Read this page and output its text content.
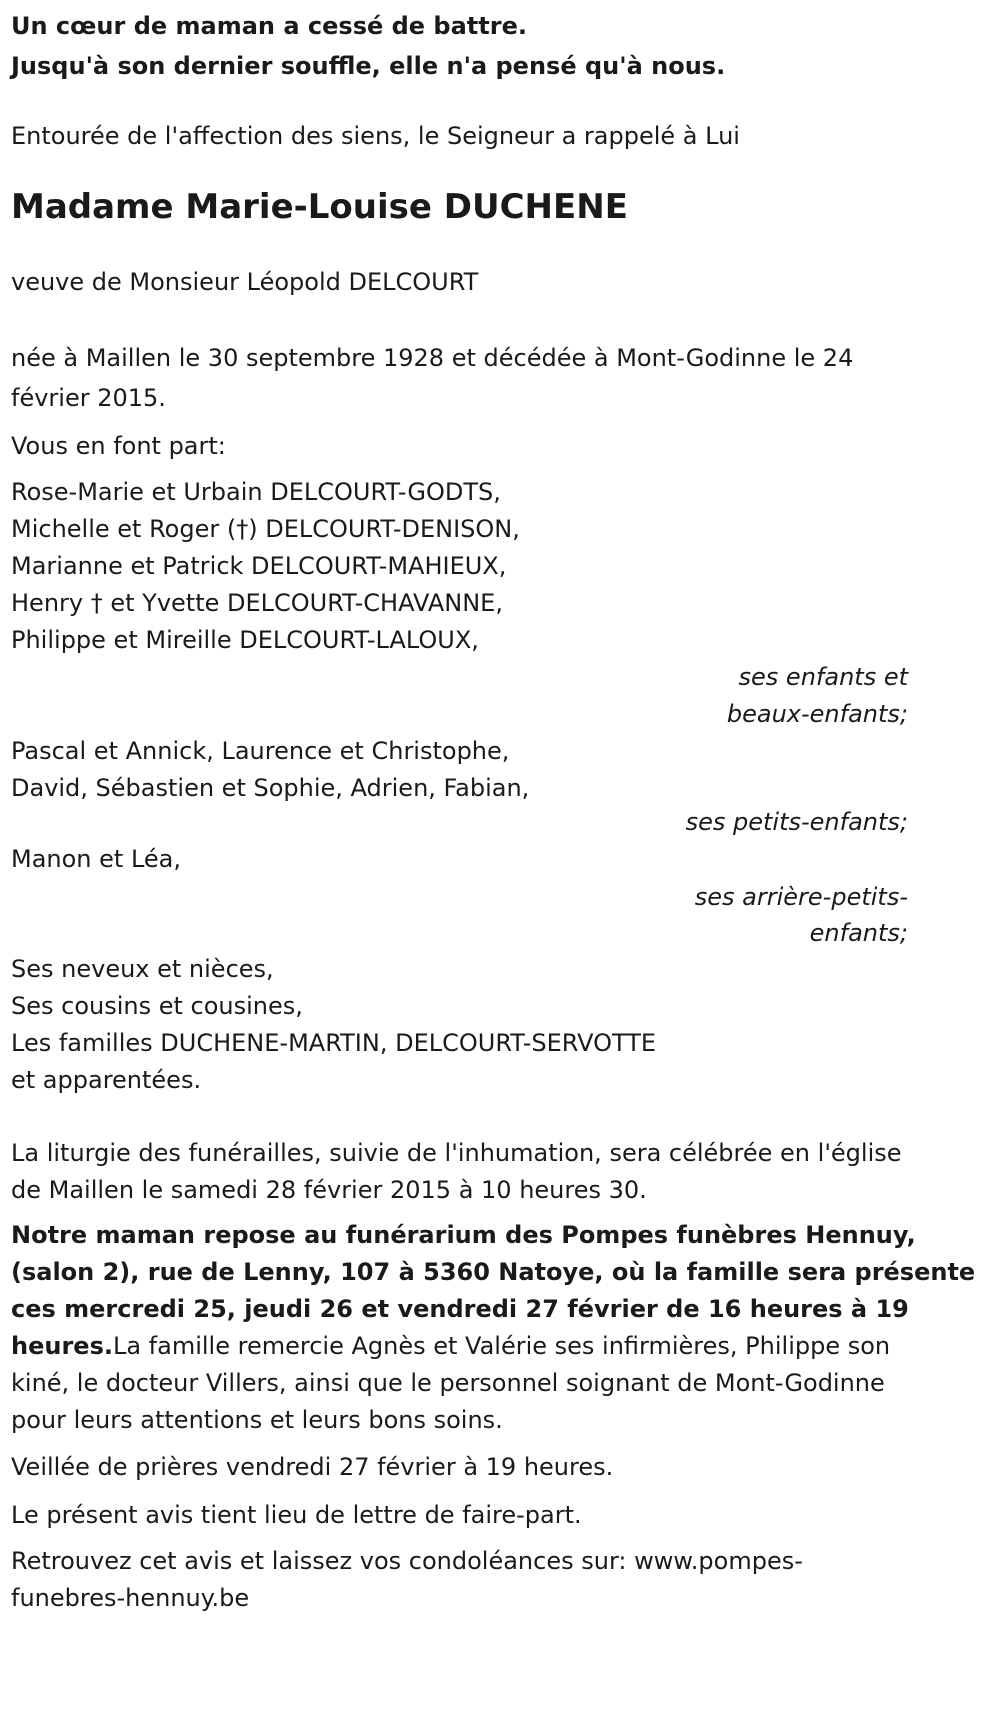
Un cœur de maman a cessé de battre.
Jusqu'à son dernier souffle, elle n'a pensé qu'à nous.
Entourée de l'affection des siens, le Seigneur a rappelé à Lui
Madame Marie-Louise DUCHENE
veuve de Monsieur Léopold DELCOURT
née à Maillen le 30 septembre 1928 et décédée à Mont-Godinne le 24
février 2015.
Vous en font part:
Rose-Marie et Urbain DELCOURT-GODTS,
Michelle et Roger (†) DELCOURT-DENISON,
Marianne et Patrick DELCOURT-MAHIEUX,
Henry † et Yvette DELCOURT-CHAVANNE,
Philippe et Mireille DELCOURT-LALOUX,
ses enfants et
beaux-enfants;
Pascal et Annick, Laurence et Christophe,
David, Sébastien et Sophie, Adrien, Fabian,
ses petits-enfants;
Manon et Léa,
ses arrière-petits-
enfants;
Ses neveux et nièces,
Ses cousins et cousines,
Les familles DUCHENE-MARTIN, DELCOURT-SERVOTTE
et apparentées.
La liturgie des funérailles, suivie de l'inhumation, sera célébrée en l'église
de Maillen le samedi 28 février 2015 à 10 heures 30.
Notre maman repose au funérarium des Pompes funèbres Hennuy,
(salon 2), rue de Lenny, 107 à 5360 Natoye, où la famille sera présente
ces mercredi 25, jeudi 26 et vendredi 27 février de 16 heures à 19
heures.La famille remercie Agnès et Valérie ses infirmières, Philippe son
kiné, le docteur Villers, ainsi que le personnel soignant de Mont-Godinne
pour leurs attentions et leurs bons soins.
Veillée de prières vendredi 27 février à 19 heures.
Le présent avis tient lieu de lettre de faire-part.
Retrouvez cet avis et laissez vos condoléances sur: www.pompes-
funebres-hennuy.be
